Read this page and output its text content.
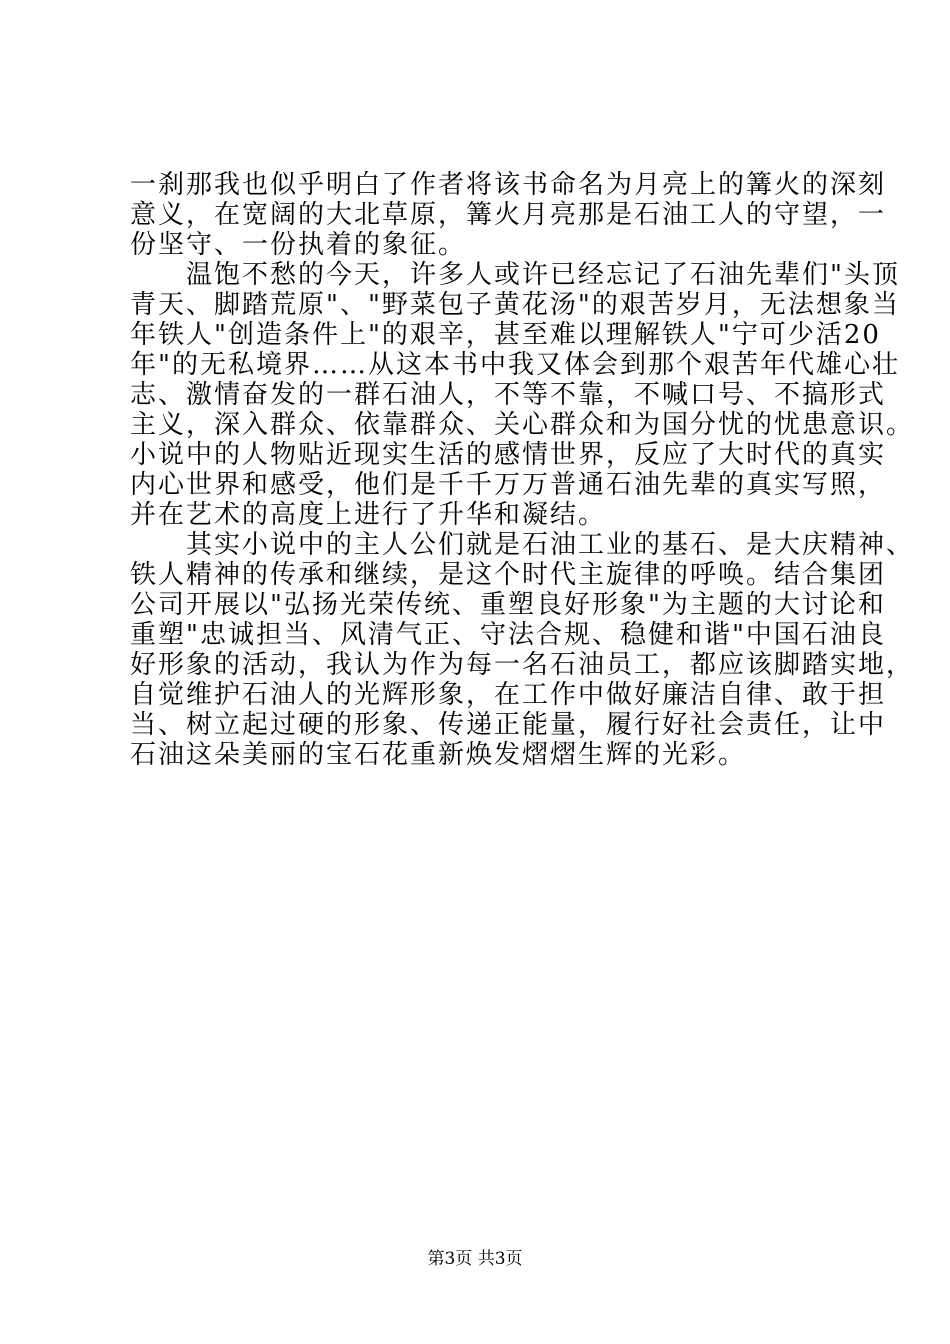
一刹那我也似乎明白了作者将该书命名为月亮上的篝火的深刻
意义，在宽阔的大北草原，篝火月亮那是石油工人的守望，一
份坚守、一份执着的象征。
　　温饱不愁的今天，许多人或许已经忘记了石油先辈们"头顶
青天、脚踏荒原"、"野菜包子黄花汤"的艰苦岁月，无法想象当
年铁人"创造条件上"的艰辛，甚至难以理解铁人"宁可少活20
年"的无私境界……从这本书中我又体会到那个艰苦年代雄心壮
志、激情奋发的一群石油人，不等不靠，不喊口号、不搞形式
主义，深入群众、依靠群众、关心群众和为国分忧的忧患意识。
小说中的人物贴近现实生活的感情世界，反应了大时代的真实
内心世界和感受，他们是千千万万普通石油先辈的真实写照，
并在艺术的高度上进行了升华和凝结。
　　其实小说中的主人公们就是石油工业的基石、是大庆精神、
铁人精神的传承和继续，是这个时代主旋律的呼唤。结合集团
公司开展以"弘扬光荣传统、重塑良好形象"为主题的大讨论和
重塑"忠诚担当、风清气正、守法合规、稳健和谐"中国石油良
好形象的活动，我认为作为每一名石油员工，都应该脚踏实地，
自觉维护石油人的光辉形象，在工作中做好廉洁自律、敢于担
当、树立起过硬的形象、传递正能量，履行好社会责任，让中
石油这朵美丽的宝石花重新焕发熠熠生辉的光彩。
第3页 共3页
